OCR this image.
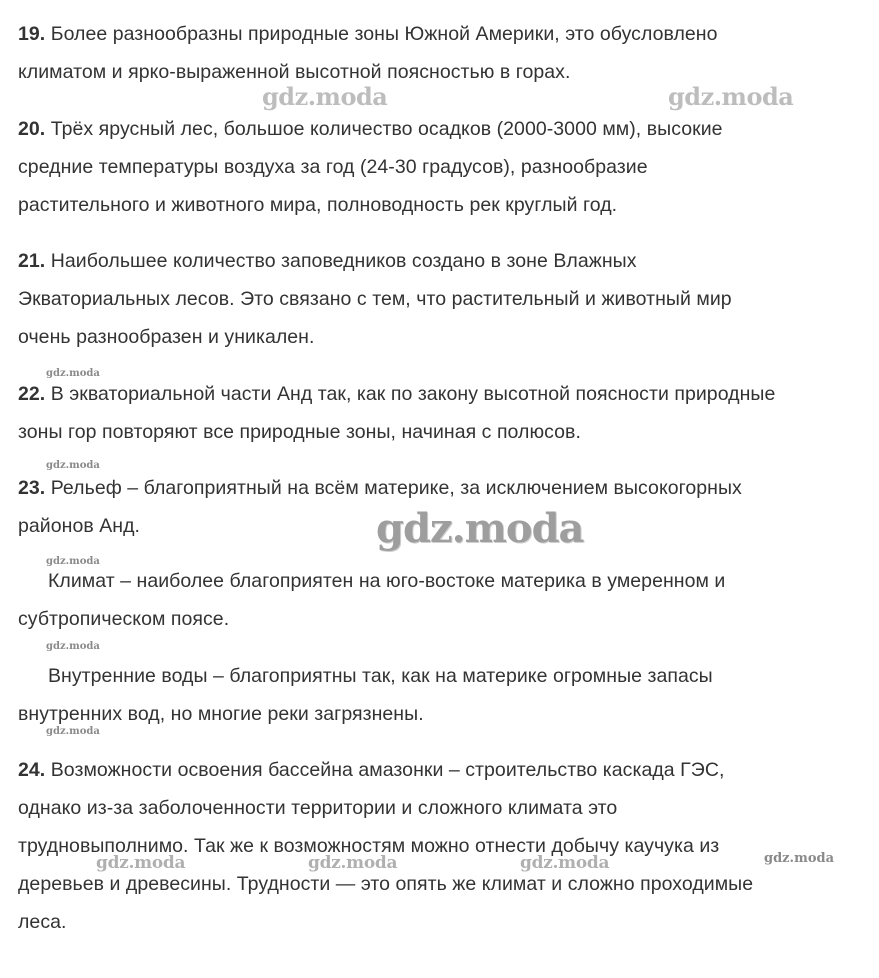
gdz.moda	gdz.moda
gdz.moda
gdz.moda
gdz.moda
gdz.moda
gdz.moda
gdz.moda
gdz.moda	gdz.moda	gdz.moda	gdz.moda
19. Более разнообразны природные зоны Южной Америки, это обусловлено
климатом и ярко-выраженной высотной поясностью в горах.
20. Трёх ярусный лес, большое количество осадков (2000-3000 мм), высокие
средние температуры воздуха за год (24-30 градусов), разнообразие
растительного и животного мира, полноводность рек круглый год.
21. Наибольшее количество заповедников создано в зоне Влажных
Экваториальных лесов. Это связано с тем, что растительный и животный мир
очень разнообразен и уникален.
22. В экваториальной части Анд так, как по закону высотной поясности природные
зоны гор повторяют все природные зоны, начиная с полюсов.
23. Рельеф – благоприятный на всём материке, за исключением высокогорных
районов Анд.
Климат – наиболее благоприятен на юго-востоке материка в умеренном и
субтропическом поясе.
Внутренние воды – благоприятны так, как на материке огромные запасы
внутренних вод, но многие реки загрязнены.
24. Возможности освоения бассейна амазонки – строительство каскада ГЭС,
однако из-за заболоченности территории и сложного климата это
трудновыполнимо. Так же к возможностям можно отнести добычу каучука из
деревьев и древесины. Трудности — это опять же климат и сложно проходимые
леса.
